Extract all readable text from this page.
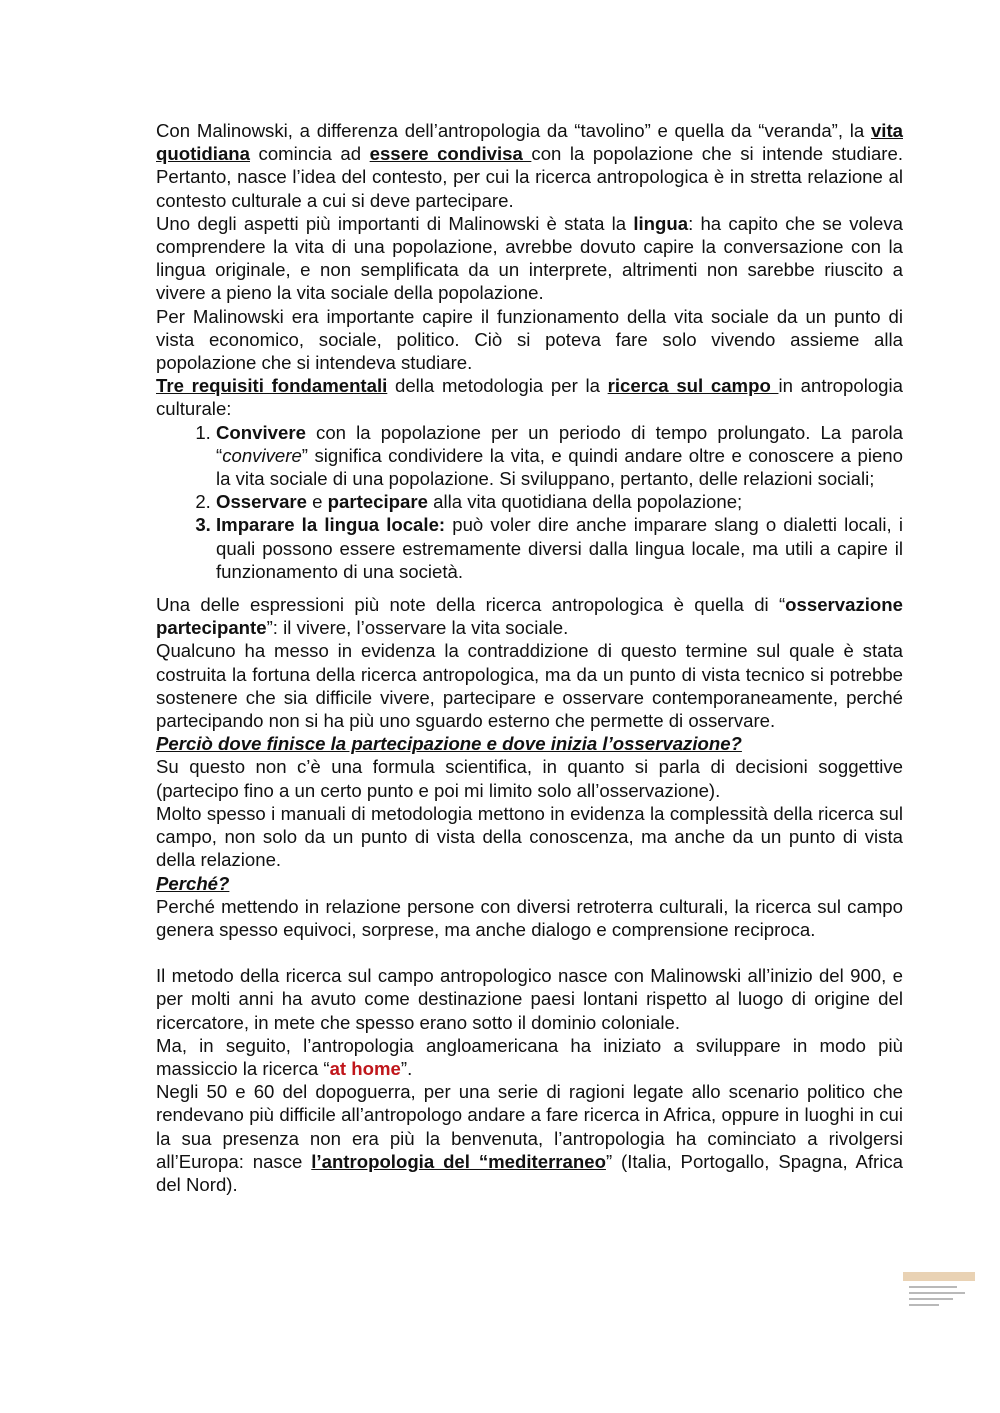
Con Malinowski, a differenza dell’antropologia da “tavolino” e quella da “veranda”, la vita quotidiana comincia ad essere condivisa con la popolazione che si intende studiare. Pertanto, nasce l’idea del contesto, per cui la ricerca antropologica è in stretta relazione al contesto culturale a cui si deve partecipare.

Uno degli aspetti più importanti di Malinowski è stata la lingua: ha capito che se voleva comprendere la vita di una popolazione, avrebbe dovuto capire la conversazione con la lingua originale, e non semplificata da un interprete, altrimenti non sarebbe riuscito a vivere a pieno la vita sociale della popolazione.

Per Malinowski era importante capire il funzionamento della vita sociale da un punto di vista economico, sociale, politico. Ciò si poteva fare solo vivendo assieme alla popolazione che si intendeva studiare.

Tre requisiti fondamentali della metodologia per la ricerca sul campo in antropologia culturale:

1. Convivere con la popolazione per un periodo di tempo prolungato. La parola “convivere” significa condividere la vita, e quindi andare oltre e conoscere a pieno la vita sociale di una popolazione. Si sviluppano, pertanto, delle relazioni sociali;
2. Osservare e partecipare alla vita quotidiana della popolazione;
3. Imparare la lingua locale: può voler dire anche imparare slang o dialetti locali, i quali possono essere estremamente diversi dalla lingua locale, ma utili a capire il funzionamento di una società.

Una delle espressioni più note della ricerca antropologica è quella di “osservazione partecipante”: il vivere, l’osservare la vita sociale.

Qualcuno ha messo in evidenza la contraddizione di questo termine sul quale è stata costruita la fortuna della ricerca antropologica, ma da un punto di vista tecnico si potrebbe sostenere che sia difficile vivere, partecipare e osservare contemporaneamente, perché partecipando non si ha più uno sguardo esterno che permette di osservare.

Perciò dove finisce la partecipazione e dove inizia l’osservazione?

Su questo non c’è una formula scientifica, in quanto si parla di decisioni soggettive (partecipo fino a un certo punto e poi mi limito solo all’osservazione).

Molto spesso i manuali di metodologia mettono in evidenza la complessità della ricerca sul campo, non solo da un punto di vista della conoscenza, ma anche da un punto di vista della relazione.

Perché?

Perché mettendo in relazione persone con diversi retroterra culturali, la ricerca sul campo genera spesso equivoci, sorprese, ma anche dialogo e comprensione reciproca.

Il metodo della ricerca sul campo antropologico nasce con Malinowski all’inizio del 900, e per molti anni ha avuto come destinazione paesi lontani rispetto al luogo di origine del ricercatore, in mete che spesso erano sotto il dominio coloniale.

Ma, in seguito, l’antropologia angloamericana ha iniziato a sviluppare in modo più massiccio la ricerca “at home”.

Negli 50 e 60 del dopoguerra, per una serie di ragioni legate allo scenario politico che rendevano più difficile all’antropologo andare a fare ricerca in Africa, oppure in luoghi in cui la sua presenza non era più la benvenuta, l’antropologia ha cominciato a rivolgersi all’Europa: nasce l’antropologia del “mediterraneo” (Italia, Portogallo, Spagna, Africa del Nord).
